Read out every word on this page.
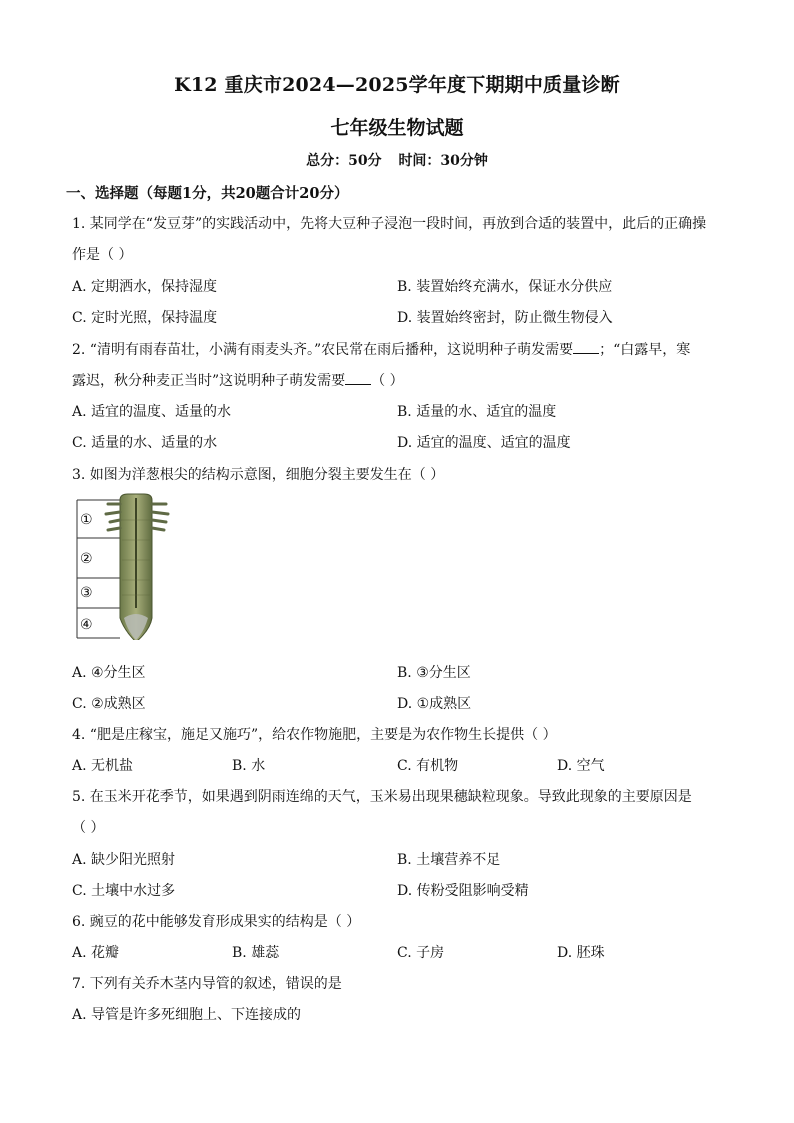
K12 重庆市2024—2025学年度下期期中质量诊断
七年级生物试题
总分：50分 时间：30分钟
一、选择题（每题1分，共20题合计20分）
1. 某同学在“发豆芽”的实践活动中，先将大豆种子浸泡一段时间，再放到合适的装置中，此后的正确操
作是（ ）
A. 定期洒水，保持湿度	B. 装置始终充满水，保证水分供应
C. 定时光照，保持温度	D. 装置始终密封，防止微生物侵入
2. “清明有雨春苗壮，小满有雨麦头齐。”农民常在雨后播种，这说明种子萌发需要 ；“白露早，寒
露迟，秋分种麦正当时”这说明种子萌发需要 （ ）
A. 适宜的温度、适量的水	B. 适量的水、适宜的温度
C. 适量的水、适量的水	D. 适宜的温度、适宜的温度
3. 如图为洋葱根尖的结构示意图，细胞分裂主要发生在（ ）
①
②
③
④
A. ④分生区	B. ③分生区
C. ②成熟区	D. ①成熟区
4. “肥是庄稼宝，施足又施巧”，给农作物施肥，主要是为农作物生长提供（ ）
A. 无机盐	B. 水	C. 有机物	D. 空气
5. 在玉米开花季节，如果遇到阴雨连绵的天气，玉米易出现果穗缺粒现象。导致此现象的主要原因是
（ ）
A. 缺少阳光照射	B. 土壤营养不足
C. 土壤中水过多	D. 传粉受阻影响受精
6. 豌豆的花中能够发育形成果实的结构是（ ）
A. 花瓣	B. 雄蕊	C. 子房	D. 胚珠
7. 下列有关乔木茎内导管的叙述，错误的是
A. 导管是许多死细胞上、下连接成的
